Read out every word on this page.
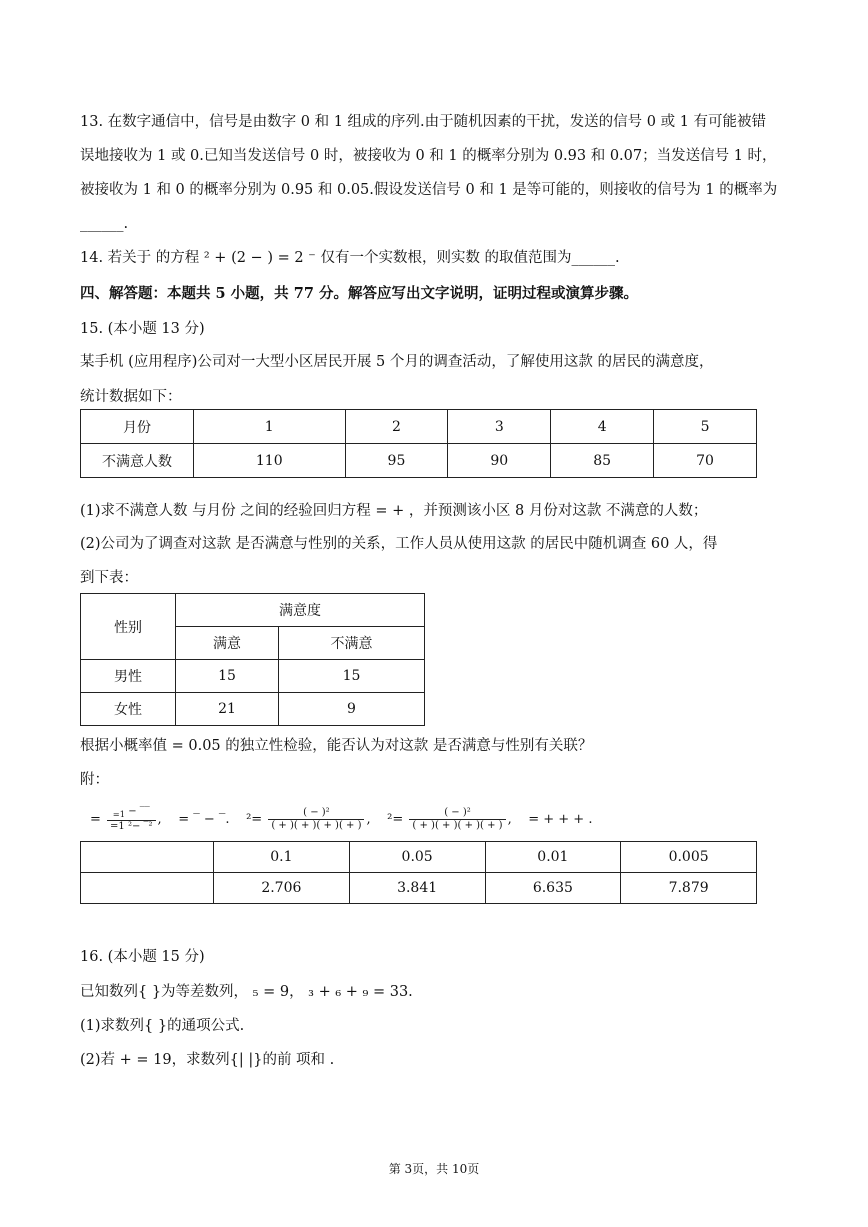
13. 在数字通信中，信号是由数字 0 和 1 组成的序列.由于随机因素的干扰，发送的信号 0 或 1 有可能被错
误地接收为 1 或 0.已知当发送信号 0 时，被接收为 0 和 1 的概率分别为 0.93 和 0.07；当发送信号 1 时，
被接收为 1 和 0 的概率分别为 0.95 和 0.05.假设发送信号 0 和 1 是等可能的，则接收的信号为 1 的概率为
______.
14. 若关于 的方程 ² + (2 − ) = 2 ⁻ 仅有一个实数根，则实数 的取值范围为______.
四、解答题：本题共 5 小题，共 77 分。解答应写出文字说明，证明过程或演算步骤。
15. (本小题 13 分)
某手机 (应用程序)公司对一大型小区居民开展 5 个月的调查活动，了解使用这款 的居民的满意度，
统计数据如下：
月份	1	2	3	4	5
不满意人数	110	95	90	85	70
(1)求不满意人数 与月份 之间的经验回归方程 = + ，并预测该小区 8 月份对这款 不满意的人数；
(2)公司为了调查对这款 是否满意与性别的关系，工作人员从使用这款 的居民中随机调查 60 人，得
到下表：
性别	满意度	
	满意	不满意
男性	15	15
女性	21	9
根据小概率值 = 0.05 的独立性检验，能否认为对这款 是否满意与性别有关联？
附：
= $\frac{_{=1} - ‾‾}{\text{=1 ²− ‾²}}$ ,    = ‾ − ‾. $^2= \frac{\text{( − )²}}{( + )( + )( + )( + )}$ ,    $^2= \frac{\text{( − )²}}{( + )( + )( + )( + )}$ ,    = + + + .
	0.1	0.05	0.01	0.005
	2.706	3.841	6.635	7.879
16. (本小题 15 分)
已知数列{ }为等差数列， ₅ = 9， ₃ + ₆ + ₉ = 33.
(1)求数列{ }的通项公式.
(2)若 + = 19，求数列{| |}的前 项和 .
第 3页，共 10页
